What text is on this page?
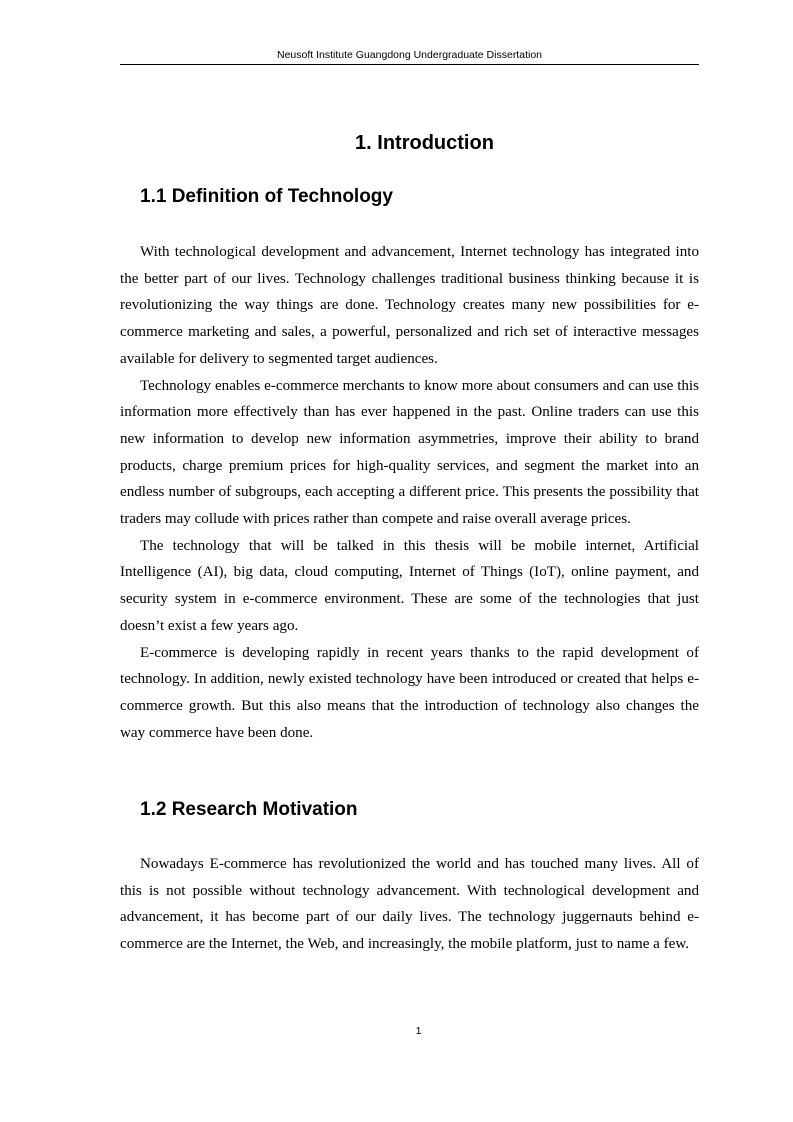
Neusoft Institute Guangdong Undergraduate Dissertation
1. Introduction
1.1 Definition of Technology

With technological development and advancement, Internet technology has integrated into the better part of our lives. Technology challenges traditional business thinking because it is revolutionizing the way things are done. Technology creates many new possibilities for e-commerce marketing and sales, a powerful, personalized and rich set of interactive messages available for delivery to segmented target audiences.

Technology enables e-commerce merchants to know more about consumers and can use this information more effectively than has ever happened in the past. Online traders can use this new information to develop new information asymmetries, improve their ability to brand products, charge premium prices for high-quality services, and segment the market into an endless number of subgroups, each accepting a different price. This presents the possibility that traders may collude with prices rather than compete and raise overall average prices.

The technology that will be talked in this thesis will be mobile internet, Artificial Intelligence (AI), big data, cloud computing, Internet of Things (IoT), online payment, and security system in e-commerce environment. These are some of the technologies that just doesn’t exist a few years ago.

E-commerce is developing rapidly in recent years thanks to the rapid development of technology. In addition, newly existed technology have been introduced or created that helps e-commerce growth. But this also means that the introduction of technology also changes the way commerce have been done.

1.2 Research Motivation

Nowadays E-commerce has revolutionized the world and has touched many lives. All of this is not possible without technology advancement. With technological development and advancement, it has become part of our daily lives. The technology juggernauts behind e-commerce are the Internet, the Web, and increasingly, the mobile platform, just to name a few.

1
